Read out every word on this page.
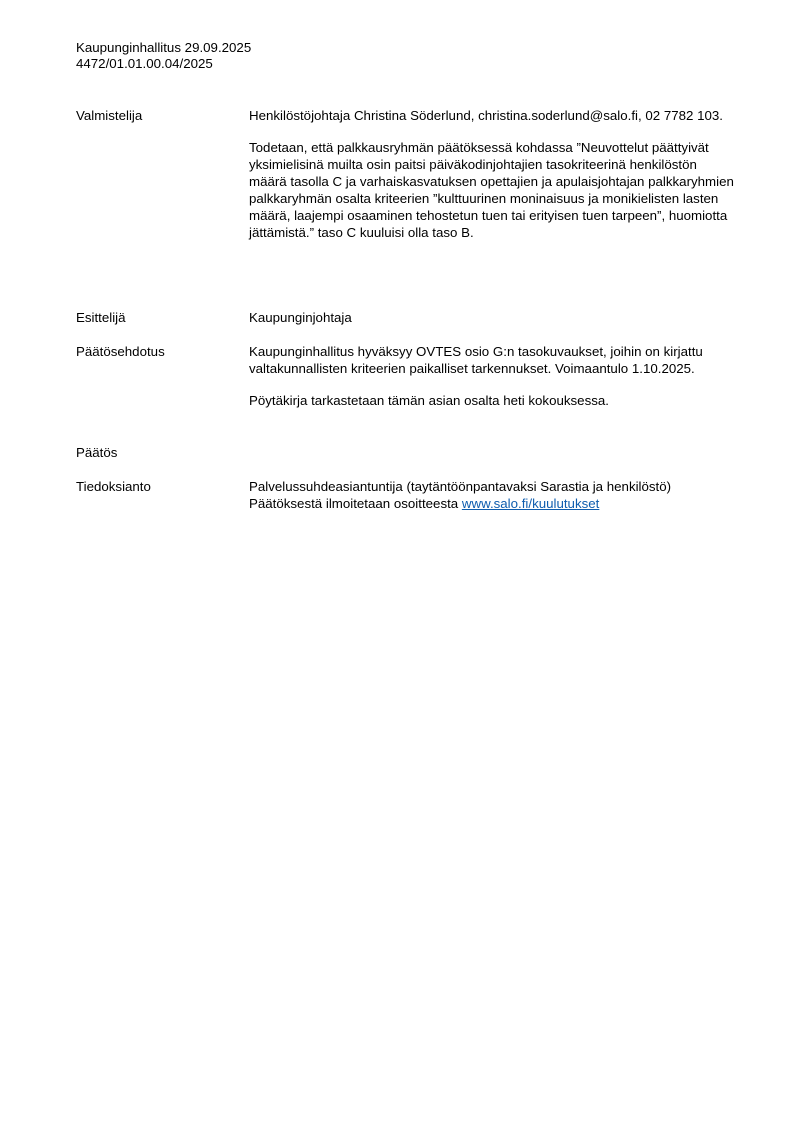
Kaupunginhallitus 29.09.2025
4472/01.01.00.04/2025
Valmistelija	Henkilöstöjohtaja Christina Söderlund, christina.soderlund@salo.fi, 02 7782 103.

Todetaan, että palkkausryhmän päätöksessä kohdassa ”Neuvottelut päättyivät yksimielisinä muilta osin paitsi päiväkodinjohtajien tasokriteerinä henkilöstön määrä tasolla C ja varhaiskasvatuksen opettajien ja apulaisjohtajan palkkaryhmien palkkaryhmän osalta kriteerien ”kulttuurinen moninaisuus ja monikielisten lasten määrä, laajempi osaaminen tehostetun tuen tai erityisen tuen tarpeen”, huomiotta jättämistä.” taso C kuuluisi olla taso B.

Esittelijä	Kaupunginjohtaja

Päätösehdotus	Kaupunginhallitus hyväksyy OVTES osio G:n tasokuvaukset, joihin on kirjattu valtakunnallisten kriteerien paikalliset tarkennukset. Voimaantulo 1.10.2025.

Pöytäkirja tarkastetaan tämän asian osalta heti kokouksessa.

Päätös
Tiedoksianto	Palvelussuhdeasiantuntija (taytäntöönpantavaksi Sarastia ja henkilöstö)
Päätöksestä ilmoitetaan osoitteesta www.salo.fi/kuulutukset
